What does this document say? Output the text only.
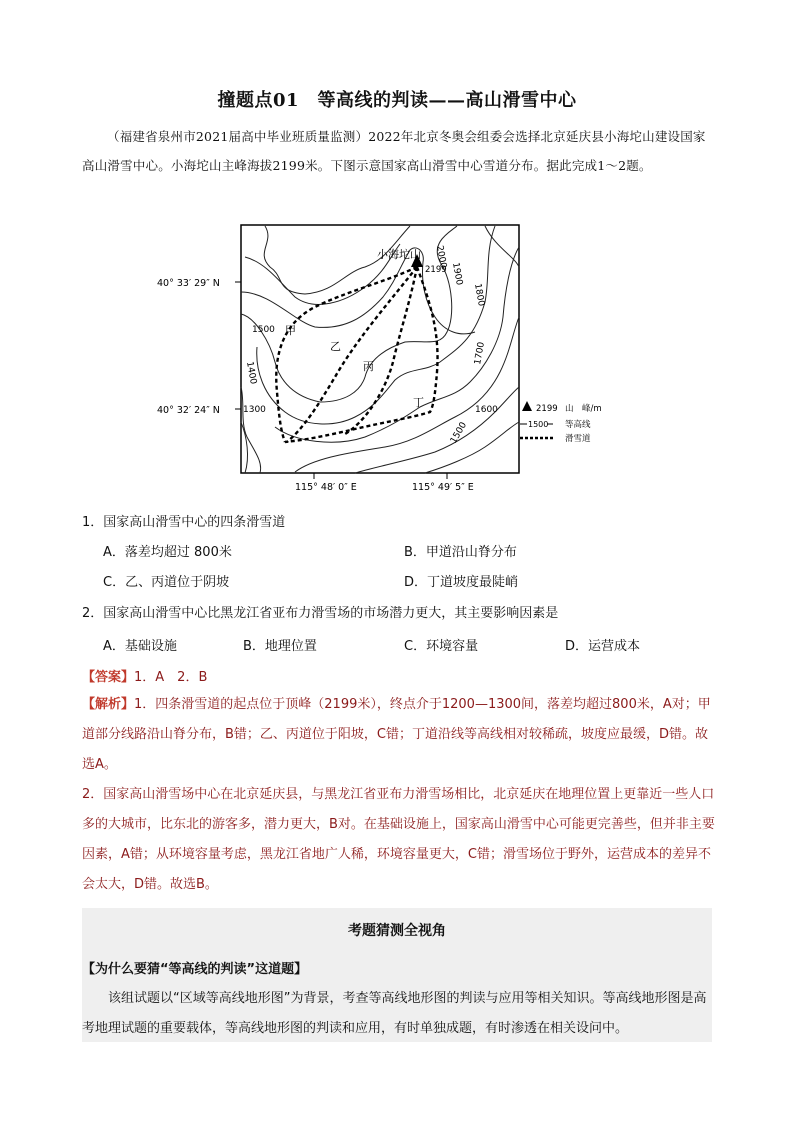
撞题点01　等高线的判读——高山滑雪中心
（福建省泉州市2021届高中毕业班质量监测）2022年北京冬奥会组委会选择北京延庆县小海坨山建设国家高山滑雪中心。小海坨山主峰海拔2199米。下图示意国家高山滑雪中心雪道分布。据此完成1～2题。
40° 33′ 29″ N
40° 32′ 24″ N
115° 48′ 0″ E	115° 49′ 5″ E
小海坨山
2199
2000
1900
1800
1700
1600
1500
1500
1400
1300
甲
乙
丙
丁	2199 山　峰/m
1500 等高线
滑雪道
1．国家高山滑雪中心的四条滑雪道
A．落差均超过 800米	B．甲道沿山脊分布
C．乙、丙道位于阴坡	D．丁道坡度最陡峭
2．国家高山滑雪中心比黑龙江省亚布力滑雪场的市场潜力更大，其主要影响因素是
A．基础设施	B．地理位置	C．环境容量	D．运营成本
【答案】1．A　2．B
【解析】1．四条滑雪道的起点位于顶峰（2199米），终点介于1200—1300间，落差均超过800米，A对；甲道部分线路沿山脊分布，B错；乙、丙道位于阳坡，C错；丁道沿线等高线相对较稀疏，坡度应最缓，D错。故选A。
2．国家高山滑雪场中心在北京延庆县，与黑龙江省亚布力滑雪场相比，北京延庆在地理位置上更靠近一些人口多的大城市，比东北的游客多，潜力更大，B对。在基础设施上，国家高山滑雪中心可能更完善些，但并非主要因素，A错；从环境容量考虑，黑龙江省地广人稀，环境容量更大，C错；滑雪场位于野外，运营成本的差异不会太大，D错。故选B。
考题猜测全视角
【为什么要猜“等高线的判读”这道题】
该组试题以“区域等高线地形图”为背景，考查等高线地形图的判读与应用等相关知识。等高线地形图是高考地理试题的重要载体，等高线地形图的判读和应用，有时单独成题，有时渗透在相关设问中。
